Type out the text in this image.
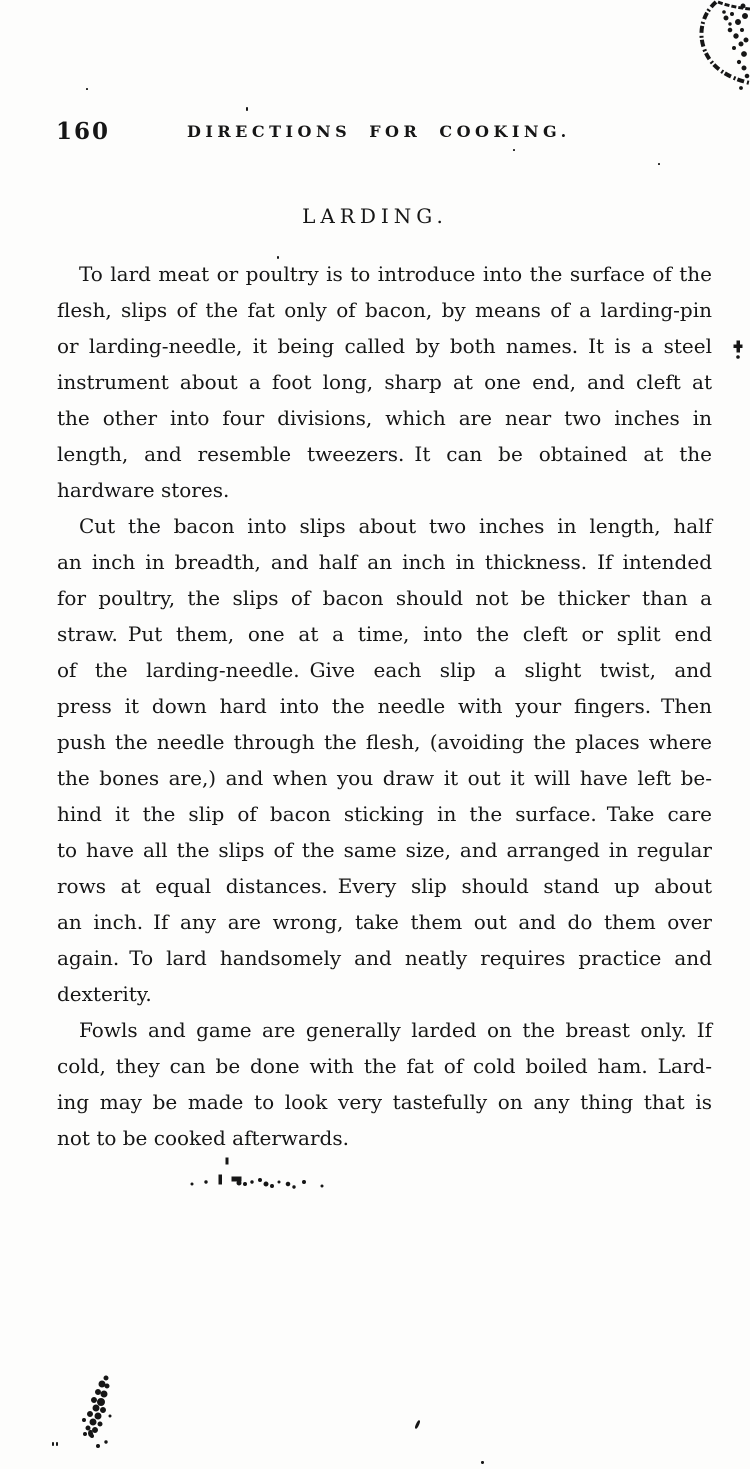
160	DIRECTIONS FOR COOKING.
LARDING.
To lard meat or poultry is to introduce into the surface of the
flesh, slips of the fat only of bacon, by means of a larding-pin
or larding-needle, it being called by both names. It is a steel
instrument about a foot long, sharp at one end, and cleft at
the other into four divisions, which are near two inches in
length, and resemble tweezers. It can be obtained at the
hardware stores.
Cut the bacon into slips about two inches in length, half
an inch in breadth, and half an inch in thickness. If intended
for poultry, the slips of bacon should not be thicker than a
straw. Put them, one at a time, into the cleft or split end
of the larding-needle. Give each slip a slight twist, and
press it down hard into the needle with your fingers. Then
push the needle through the flesh, (avoiding the places where
the bones are,) and when you draw it out it will have left be-
hind it the slip of bacon sticking in the surface. Take care
to have all the slips of the same size, and arranged in regular
rows at equal distances. Every slip should stand up about
an inch. If any are wrong, take them out and do them over
again. To lard handsomely and neatly requires practice and
dexterity.
Fowls and game are generally larded on the breast only. If
cold, they can be done with the fat of cold boiled ham. Lard-
ing may be made to look very tastefully on any thing that is
not to be cooked afterwards.
